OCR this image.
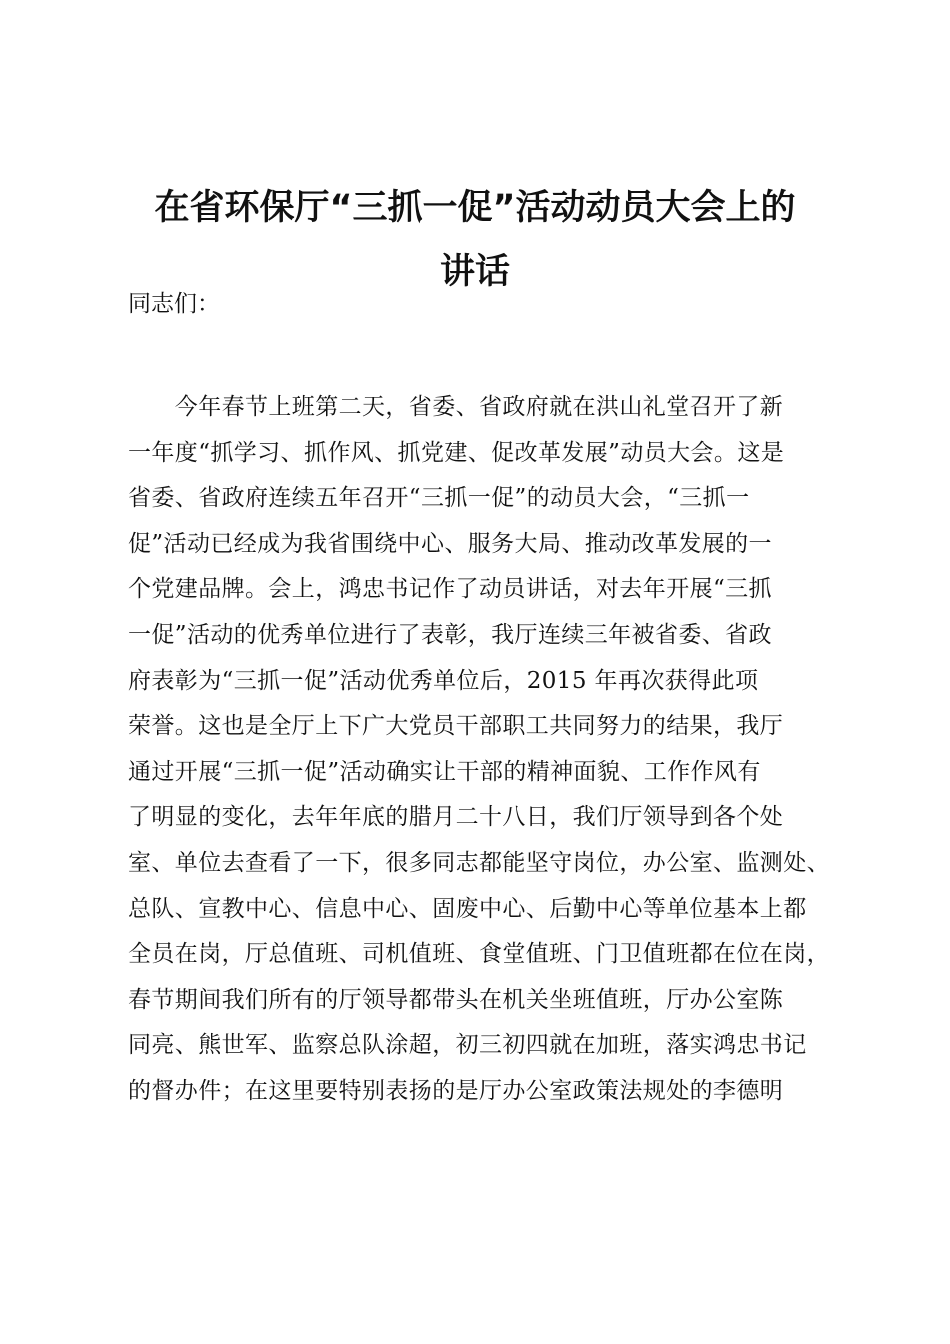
在省环保厅“三抓一促”活动动员大会上的
讲话

同志们：

　　今年春节上班第二天，省委、省政府就在洪山礼堂召开了新
一年度“抓学习、抓作风、抓党建、促改革发展”动员大会。这是
省委、省政府连续五年召开“三抓一促”的动员大会，“三抓一
促”活动已经成为我省围绕中心、服务大局、推动改革发展的一
个党建品牌。会上，鸿忠书记作了动员讲话，对去年开展“三抓
一促”活动的优秀单位进行了表彰，我厅连续三年被省委、省政
府表彰为“三抓一促”活动优秀单位后，2015 年再次获得此项
荣誉。这也是全厅上下广大党员干部职工共同努力的结果，我厅
通过开展“三抓一促”活动确实让干部的精神面貌、工作作风有
了明显的变化，去年年底的腊月二十八日，我们厅领导到各个处
室、单位去查看了一下，很多同志都能坚守岗位，办公室、监测处、
总队、宣教中心、信息中心、固废中心、后勤中心等单位基本上都
全员在岗，厅总值班、司机值班、食堂值班、门卫值班都在位在岗，
春节期间我们所有的厅领导都带头在机关坐班值班，厅办公室陈
同亮、熊世军、监察总队涂超，初三初四就在加班，落实鸿忠书记
的督办件；在这里要特别表扬的是厅办公室政策法规处的李德明
